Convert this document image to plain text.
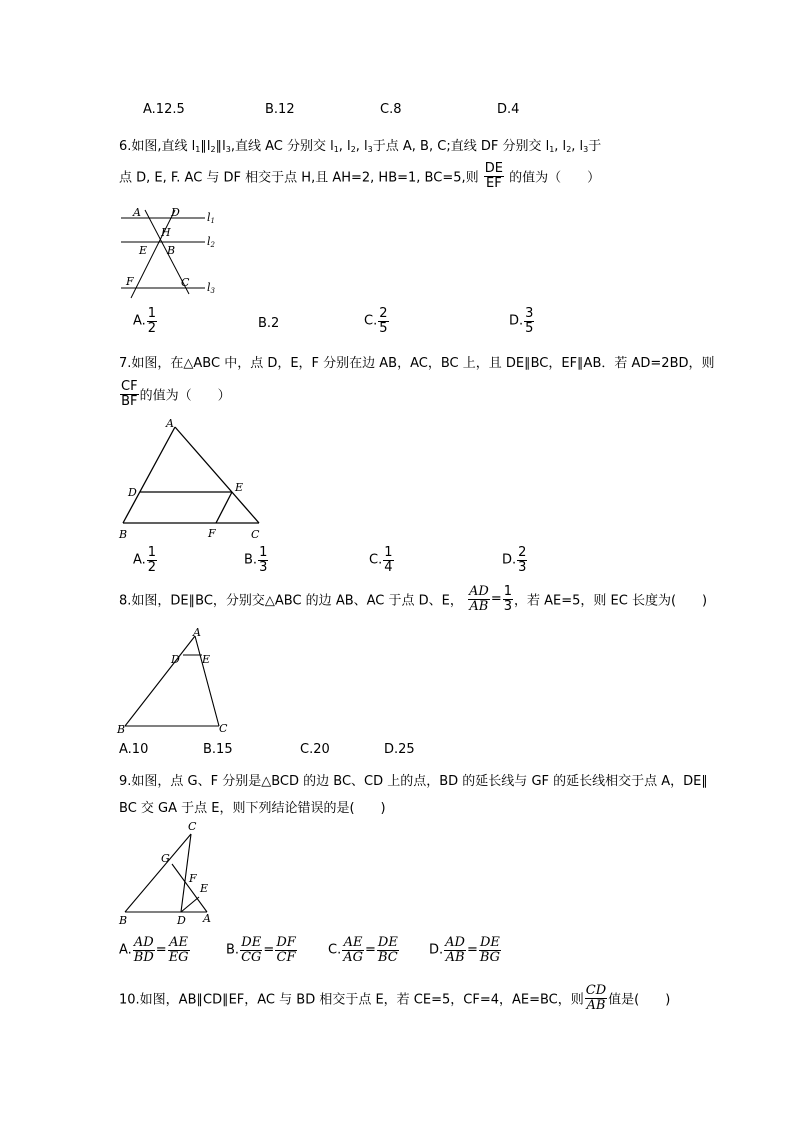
A.12.5	B.12	C.8	D.4
6.如图,直线 $l_1\parallel l_2\parallel l_3$,直线 AC 分别交 $l_1$, $l_2$, $l_3$于点 A, B, C;直线 DF 分别交 $l_1$, $l_2$, $l_3$于
点 D, E, F. AC 与 DF 相交于点 H,且 AH=2, HB=1, BC=5,则 $\frac{DE}{EF}$ 的值为（　　）
A	D
H
E B
F	C
l1
l2
l3
A. $\frac{1}{2}$	B.2	C. $\frac{2}{5}$	D. $\frac{3}{5}$
7.如图，在△ABC 中，点 D，E，F 分别在边 AB，AC，BC 上，且 DE∥BC，EF∥AB．若 AD=2BD，则
$\frac{CF}{BF}$ 的值为（　　）
A
D	E
B	F	C
A. $\frac{1}{2}$	B. $\frac{1}{3}$	C. $\frac{1}{4}$	D. $\frac{2}{3}$
8.如图，DE∥BC，分别交△ABC 的边 AB、AC 于点 D、E， $\frac{AD}{AB} = \frac{1}{3}$ ，若 AE=5，则 EC 长度为(　　)
A
D E
B	C
A.10	B.15	C.20	D.25
9.如图，点 G、F 分别是△BCD 的边 BC、CD 上的点，BD 的延长线与 GF 的延长线相交于点 A，DE∥
BC 交 GA 于点 E，则下列结论错误的是(　　)
C
G
F
E
B	D A
A. $\frac{AD}{BD} = \frac{AE}{EG}$	B. $\frac{DE}{CG} = \frac{DF}{CF} C$. $\frac{AE}{AG} = \frac{DE}{BC} D$. $\frac{AD}{AB} = \frac{DE}{BG}$
10.如图，AB∥CD∥EF，AC 与 BD 相交于点 E，若 CE=5，CF=4，AE=BC，则 $\frac{CD}{AB}$ 值是(　　)
